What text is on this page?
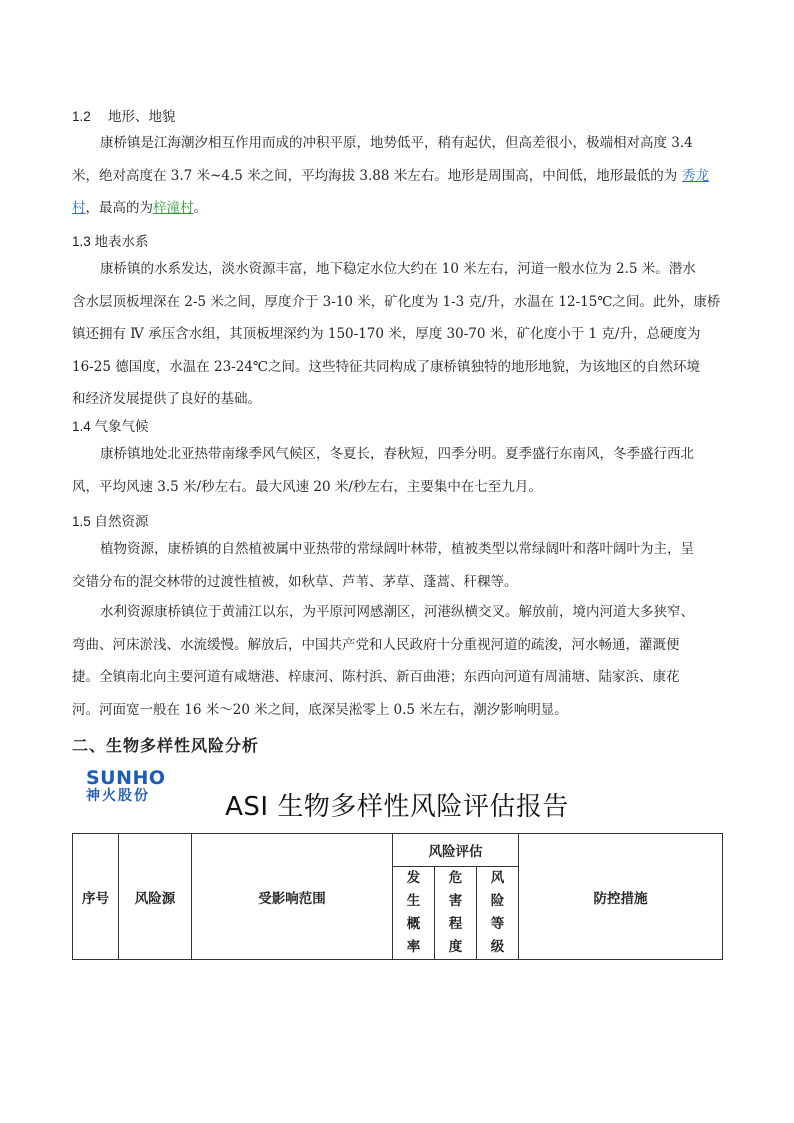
1.2　 地形、地貌
康桥镇是江海潮汐相互作用而成的冲积平原，地势低平，稍有起伏，但高差很小，极端相对高度 3.4
米，绝对高度在 3.7 米~4.5 米之间，平均海拔 3.88 米左右。地形是周围高，中间低，地形最低的为
村，最高的为梓潼村。
秀龙
1.3 地表水系
康桥镇的水系发达，淡水资源丰富，地下稳定水位大约在 10 米左右，河道一般水位为 2.5 米。潜水
含水层顶板埋深在 2-5 米之间，厚度介于 3-10 米，矿化度为 1-3 克/升，水温在 12-15℃之间。此外，康桥
镇还拥有 Ⅳ 承压含水组，其顶板埋深约为 150-170 米，厚度 30-70 米，矿化度小于 1 克/升，总硬度为
16-25 德国度，水温在 23-24℃之间。这些特征共同构成了康桥镇独特的地形地貌，为该地区的自然环境
和经济发展提供了良好的基础。
1.4 气象气候
康桥镇地处北亚热带南缘季风气候区，冬夏长，春秋短，四季分明。夏季盛行东南风，冬季盛行西北
风，平均风速 3.5 米/秒左右。最大风速 20 米/秒左右，主要集中在七至九月。
1.5 自然资源
植物资源，康桥镇的自然植被属中亚热带的常绿阔叶林带，植被类型以常绿阔叶和落叶阔叶为主，呈
交错分布的混交林带的过渡性植被，如秋草、芦苇、茅草、蓬蒿、秆稞等。
水利资源康桥镇位于黄浦江以东，为平原河网感潮区，河港纵横交叉。解放前，境内河道大多狭窄、
弯曲、河床淤浅、水流缓慢。解放后，中国共产党和人民政府十分重视河道的疏浚，河水畅通，灌溉便
捷。全镇南北向主要河道有咸塘港、梓康河、陈村浜、新百曲港；东西向河道有周浦塘、陆家浜、康花
河。河面宽一般在 16 米～20 米之间，底深吴淞零上 0.5 米左右，潮汐影响明显。
二、生物多样性风险分析
SUNHO
神火股份	ASI 生物多样性风险评估报告
序号	风险源	受影响范围	风险评估			防控措施
			发生概率	危害程度	风险等级	
